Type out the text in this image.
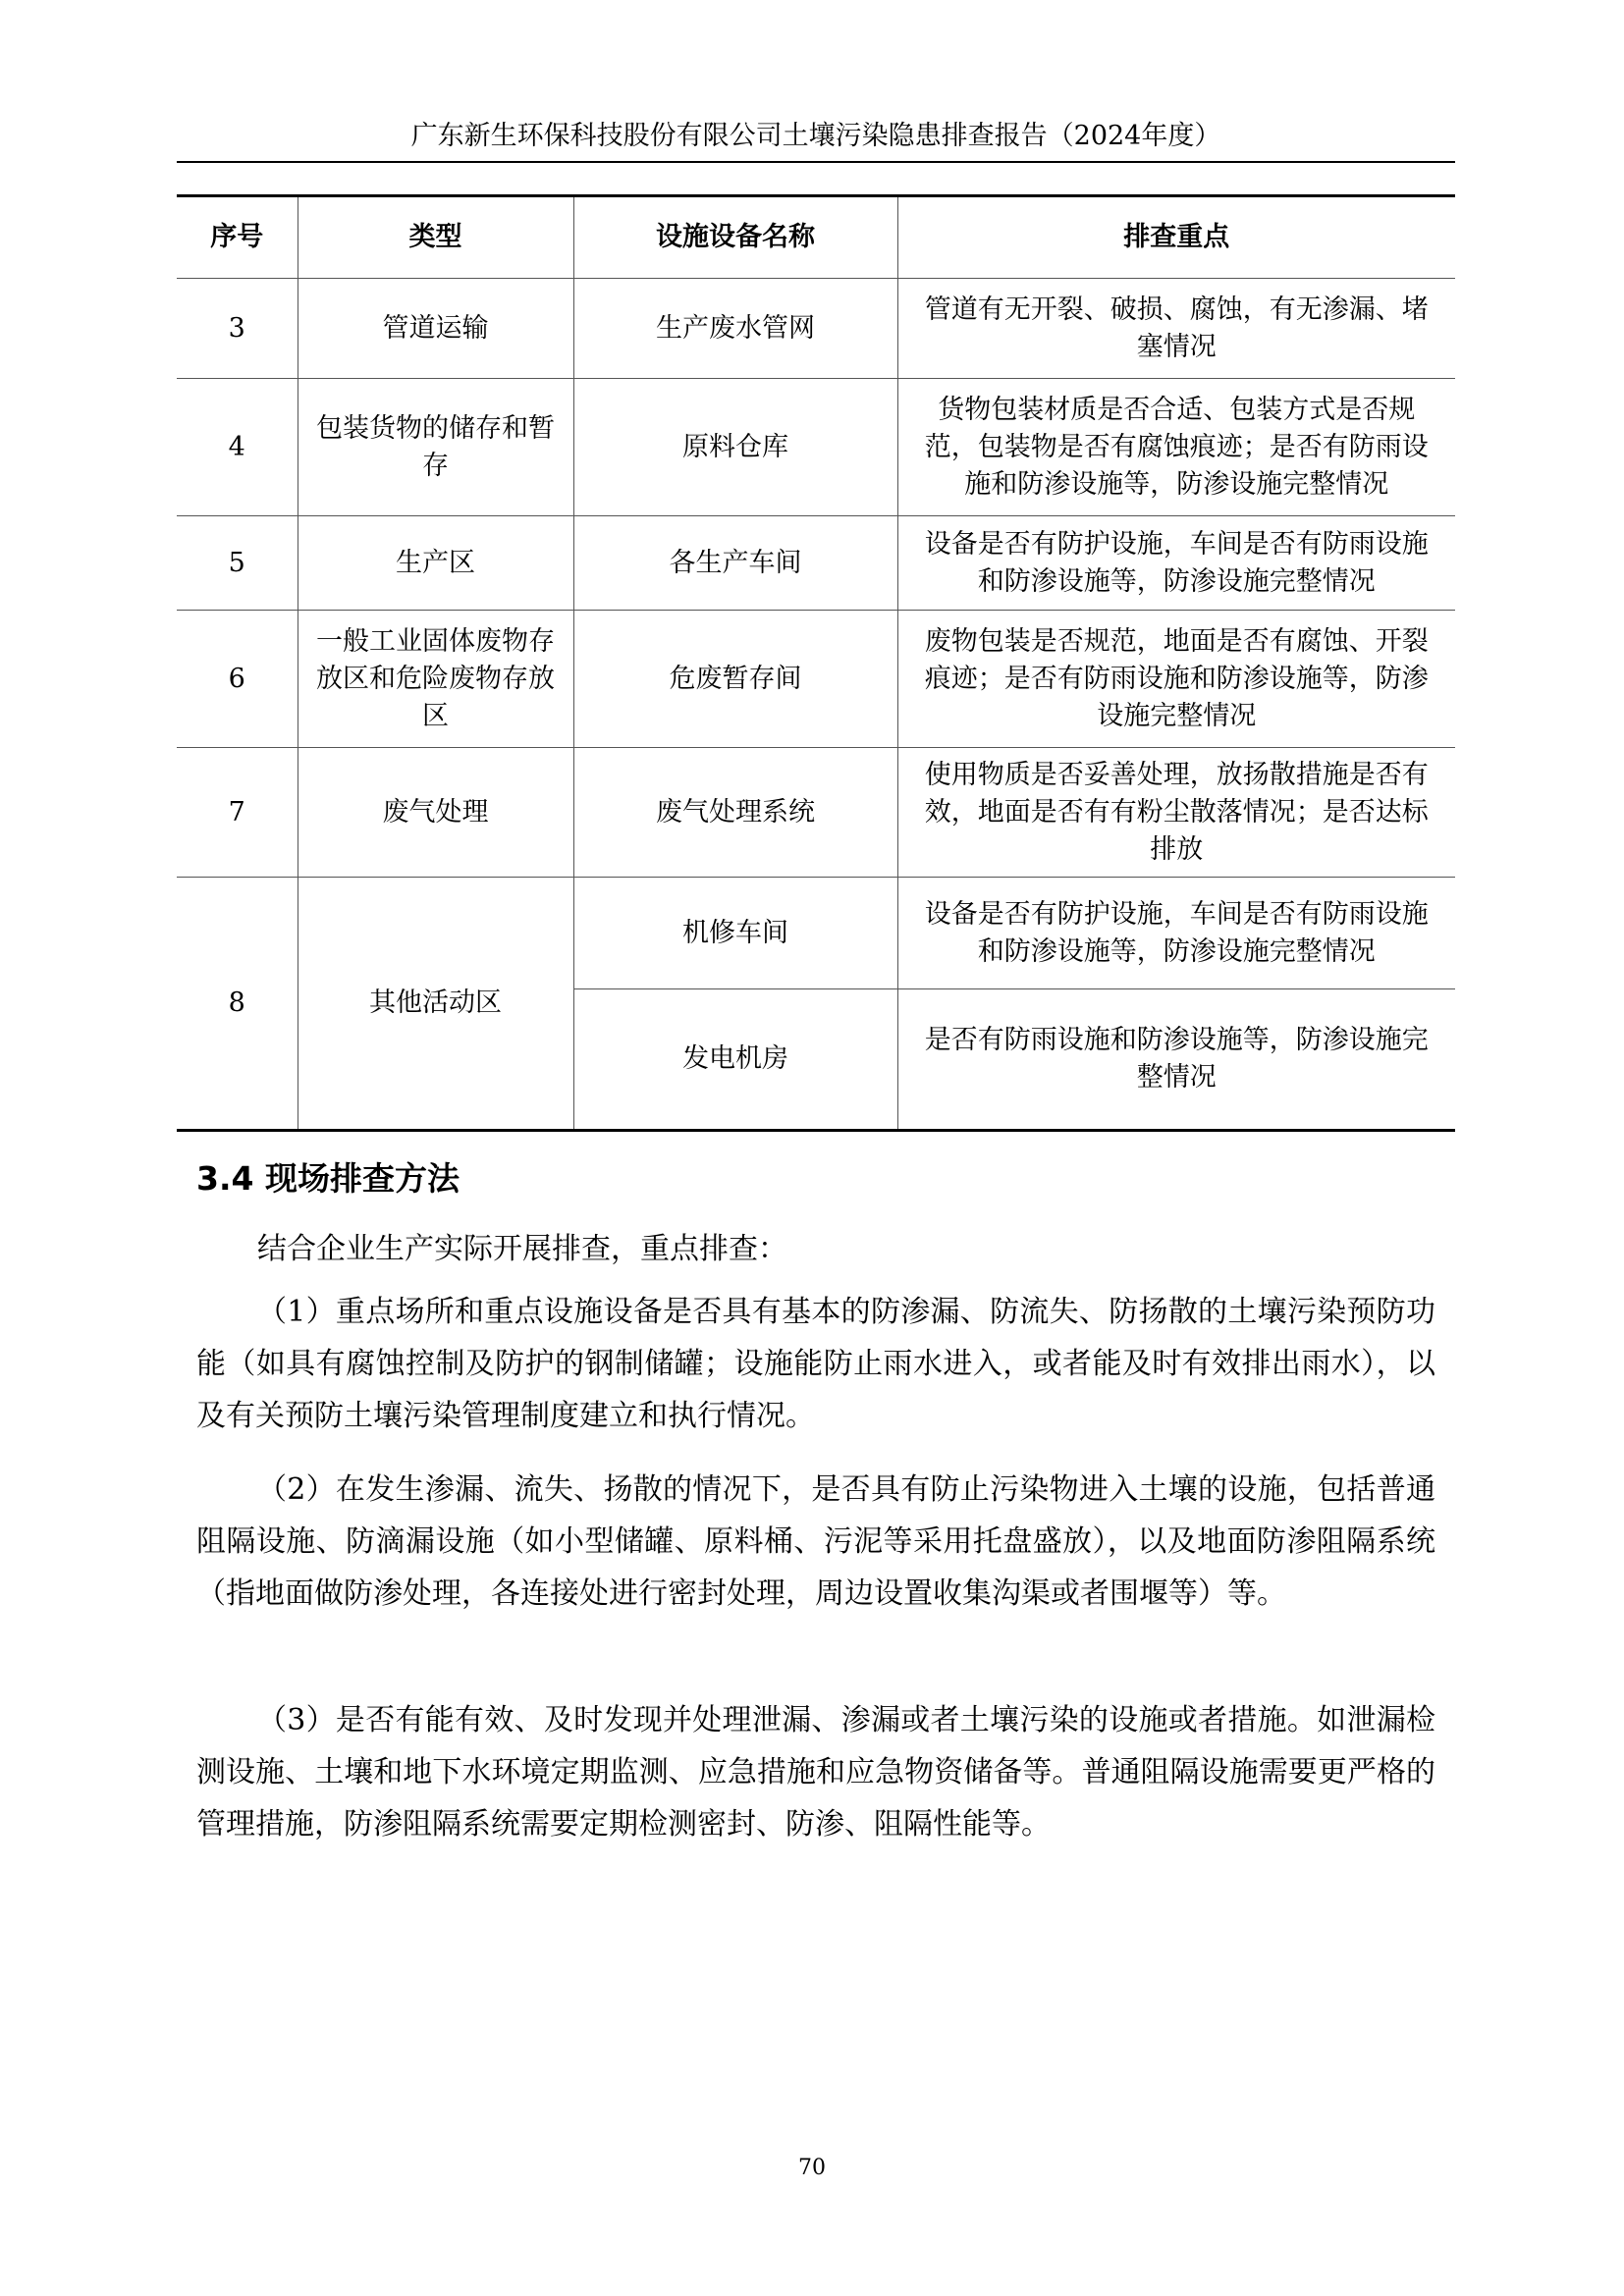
广东新生环保科技股份有限公司土壤污染隐患排查报告（2024年度）
序号	类型	设施设备名称	排查重点
3	管道运输	生产废水管网	管道有无开裂、破损、腐蚀，有无渗漏、堵塞情况
4	包装货物的储存和暂存	原料仓库	货物包装材质是否合适、包装方式是否规范，包装物是否有腐蚀痕迹；是否有防雨设施和防渗设施等，防渗设施完整情况
5	生产区	各生产车间	设备是否有防护设施，车间是否有防雨设施和防渗设施等，防渗设施完整情况
6	一般工业固体废物存放区和危险废物存放区	危废暂存间	废物包装是否规范，地面是否有腐蚀、开裂痕迹；是否有防雨设施和防渗设施等，防渗设施完整情况
7	废气处理	废气处理系统	使用物质是否妥善处理，放扬散措施是否有效，地面是否有有粉尘散落情况；是否达标排放
8	其他活动区	机修车间	设备是否有防护设施，车间是否有防雨设施和防渗设施等，防渗设施完整情况
		发电机房	是否有防雨设施和防渗设施等，防渗设施完整情况
3.4 现场排查方法

结合企业生产实际开展排查，重点排查：

（1）重点场所和重点设施设备是否具有基本的防渗漏、防流失、防扬散的土壤污染预防功能（如具有腐蚀控制及防护的钢制储罐；设施能防止雨水进入，或者能及时有效排出雨水），以及有关预防土壤污染管理制度建立和执行情况。

（2）在发生渗漏、流失、扬散的情况下，是否具有防止污染物进入土壤的设施，包括普通阻隔设施、防滴漏设施（如小型储罐、原料桶、污泥等采用托盘盛放），以及地面防渗阻隔系统（指地面做防渗处理，各连接处进行密封处理，周边设置收集沟渠或者围堰等）等。

（3）是否有能有效、及时发现并处理泄漏、渗漏或者土壤污染的设施或者措施。如泄漏检测设施、土壤和地下水环境定期监测、应急措施和应急物资储备等。普通阻隔设施需要更严格的管理措施，防渗阻隔系统需要定期检测密封、防渗、阻隔性能等。

70
